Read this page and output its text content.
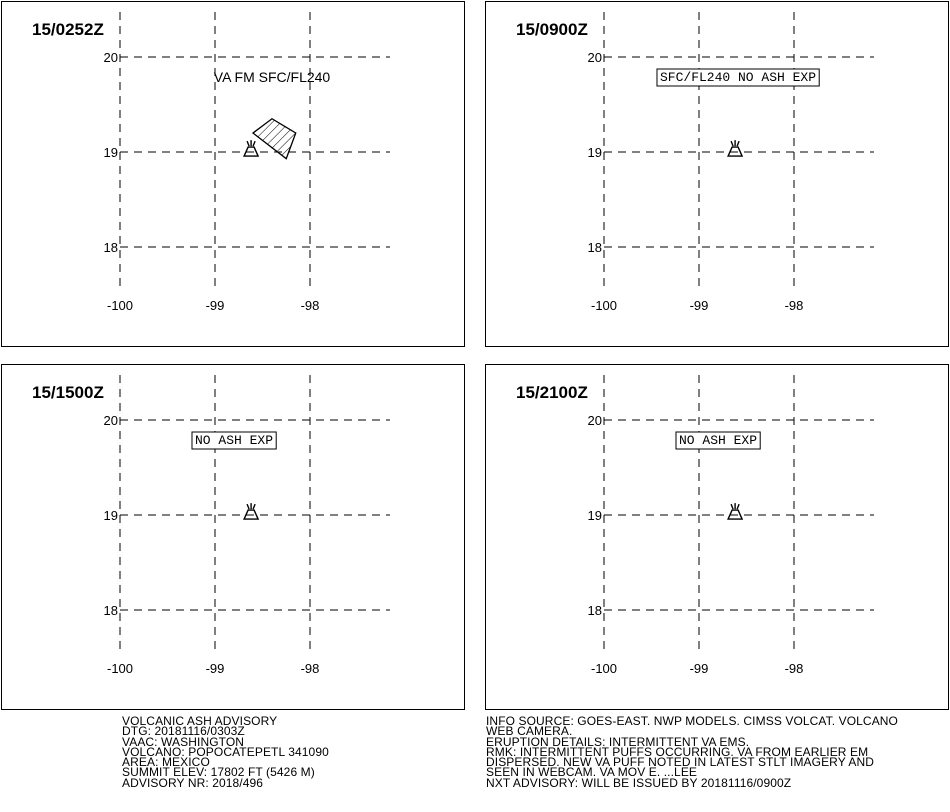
-100	-99	-98
20
19
18
15/0252Z
VA FM SFC/FL240
-100	-99	-98
20
19
18
15/0900Z
SFC/FL240 NO ASH EXP
-100	-99	-98
20
19
18
15/1500Z
NO ASH EXP
-100	-99	-98
20
19
18
15/2100Z
NO ASH EXP
VOLCANIC ASH ADVISORY
DTG: 20181116/0303Z
VAAC: WASHINGTON
VOLCANO: POPOCATEPETL 341090
AREA: MEXICO
SUMMIT ELEV: 17802 FT (5426 M)
ADVISORY NR: 2018/496
INFO SOURCE: GOES-EAST. NWP MODELS. CIMSS VOLCAT. VOLCANO
WEB CAMERA.
ERUPTION DETAILS: INTERMITTENT VA EMS.
RMK: INTERMITTENT PUFFS OCCURRING. VA FROM EARLIER EM
DISPERSED. NEW VA PUFF NOTED IN LATEST STLT IMAGERY AND
SEEN IN WEBCAM. VA MOV E. ...LEE
NXT ADVISORY: WILL BE ISSUED BY 20181116/0900Z
